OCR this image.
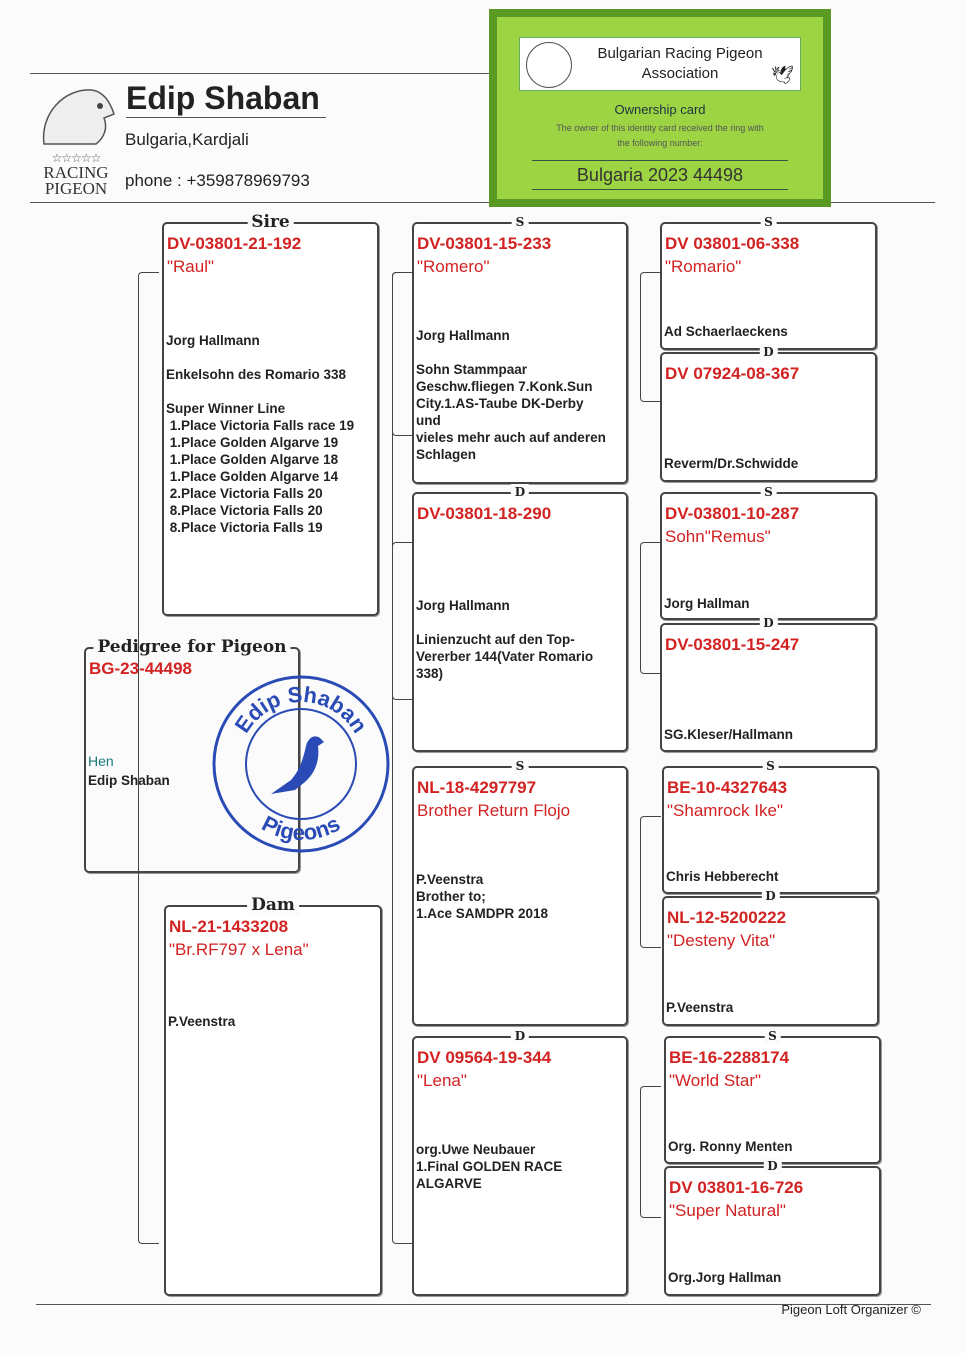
☆☆☆☆☆
RACING
PIGEON
Edip Shaban
Bulgaria,Kardjali
phone : +359878969793
Bulgarian Racing Pigeon
Association	🕊
Ownership card
The owner of this identity card received the ring with
the following number:
Bulgaria 2023 44498
Sire
DV-03801-21-192
"Raul"
Jorg Hallmann

Enkelsohn des Romario 338

Super Winner Line
1.Place Victoria Falls race 19
1.Place Golden Algarve 19
1.Place Golden Algarve 18
1.Place Golden Algarve 14
2.Place Victoria Falls 20
8.Place Victoria Falls 20
8.Place Victoria Falls 19
Dam
NL-21-1433208
"Br.RF797 x Lena"
P.Veenstra
S
DV-03801-15-233
"Romero"
Jorg Hallmann

Sohn Stammpaar
Geschw.fliegen 7.Konk.Sun
City.1.AS-Taube DK-Derby
und
vieles mehr auch auf anderen
Schlagen
D
DV-03801-18-290
Jorg Hallmann

Linienzucht auf den Top-
Vererber 144(Vater Romario
338)
S
NL-18-4297797
Brother Return Flojo
P.Veenstra
Brother to;
1.Ace SAMDPR 2018
D
DV 09564-19-344
"Lena"
org.Uwe Neubauer
1.Final GOLDEN RACE
ALGARVE
S
DV 03801-06-338
"Romario"
Ad Schaerlaeckens
D
DV 07924-08-367
Reverm/Dr.Schwidde
S
DV-03801-10-287
Sohn"Remus"
Jorg Hallman
D
DV-03801-15-247
SG.Kleser/Hallmann
S
BE-10-4327643
"Shamrock Ike"
Chris Hebberecht
D
NL-12-5200222
"Desteny Vita"
P.Veenstra
S
BE-16-2288174
"World Star"
Org. Ronny Menten
D
DV 03801-16-726
"Super Natural"
Org.Jorg Hallman
Pedigree for Pigeon
BG-23-44498
Hen
Edip Shaban
Edip Shaban
Pigeons
Pigeon Loft Organizer ©
